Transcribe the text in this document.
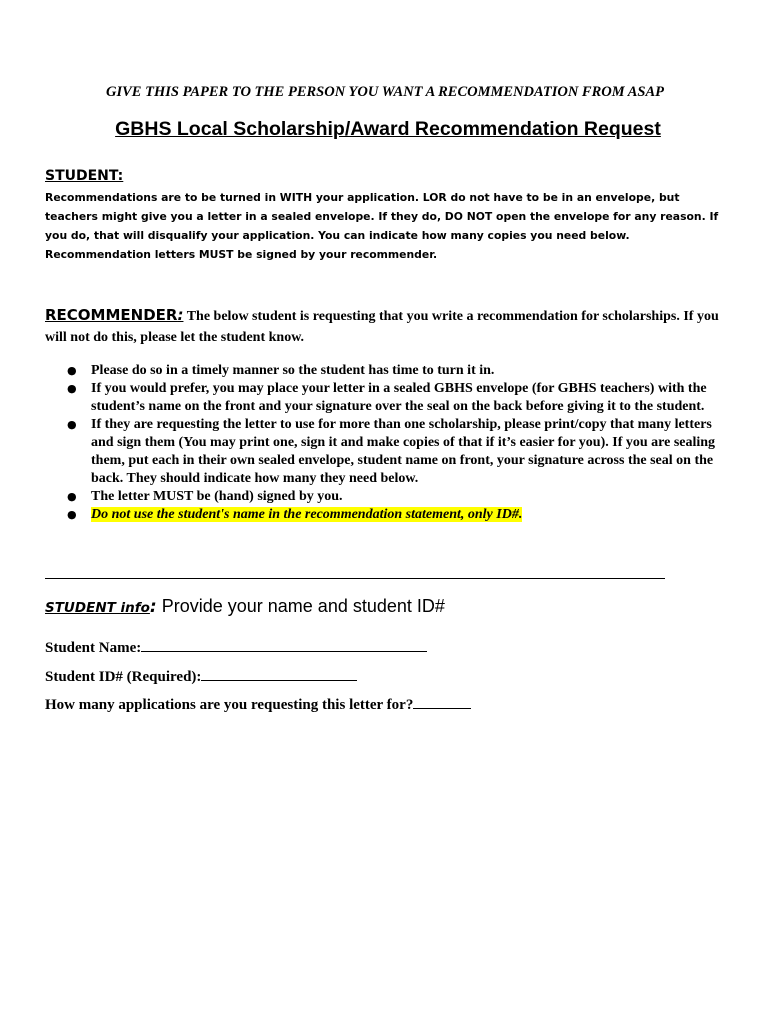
GIVE THIS PAPER TO THE PERSON YOU WANT A RECOMMENDATION FROM ASAP
GBHS Local Scholarship/Award Recommendation Request
STUDENT:
Recommendations are to be turned in WITH your application. LOR do not have to be in an envelope, but teachers might give you a letter in a sealed envelope. If they do, DO NOT open the envelope for any reason. If you do, that will disqualify your application. You can indicate how many copies you need below. Recommendation letters MUST be signed by your recommender.
RECOMMENDER: The below student is requesting that you write a recommendation for scholarships. If you will not do this, please let the student know.
● Please do so in a timely manner so the student has time to turn it in.
● If you would prefer, you may place your letter in a sealed GBHS envelope (for GBHS teachers) with the student’s name on the front and your signature over the seal on the back before giving it to the student.
● If they are requesting the letter to use for more than one scholarship, please print/copy that many letters and sign them (You may print one, sign it and make copies of that if it’s easier for you). If you are sealing them, put each in their own sealed envelope, student name on front, your signature across the seal on the back. They should indicate how many they need below.
● The letter MUST be (hand) signed by you.
● Do not use the student's name in the recommendation statement, only ID#.
STUDENT info: Provide your name and student ID#
Student Name:
Student ID# (Required):
How many applications are you requesting this letter for?
